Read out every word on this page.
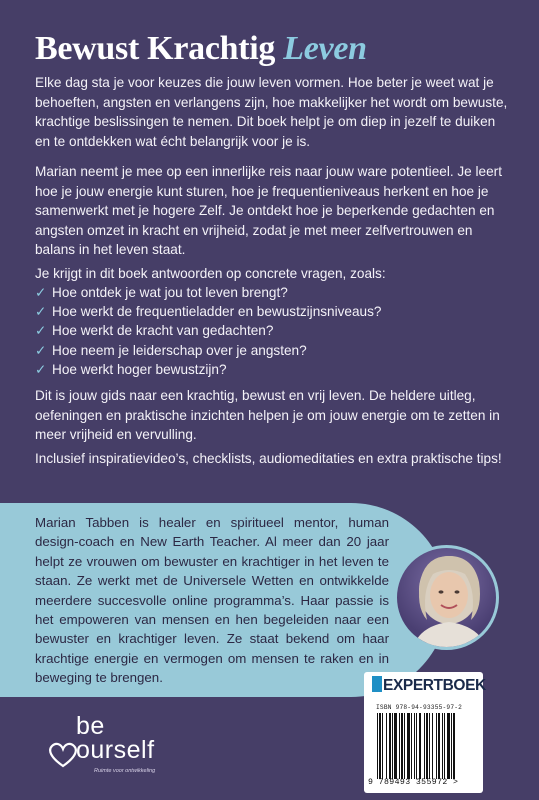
Bewust Krachtig Leven

Elke dag sta je voor keuzes die jouw leven vormen. Hoe beter je weet wat je behoeften, angsten en verlangens zijn, hoe makkelijker het wordt om bewuste, krachtige beslissingen te nemen. Dit boek helpt je om diep in jezelf te duiken en te ontdekken wat écht belangrijk voor je is.

Marian neemt je mee op een innerlijke reis naar jouw ware potentieel. Je leert hoe je jouw energie kunt sturen, hoe je frequentieniveaus herkent en hoe je samenwerkt met je hogere Zelf. Je ontdekt hoe je beperkende gedachten en angsten omzet in kracht en vrijheid, zodat je met meer zelfvertrouwen en balans in het leven staat.

Je krijgt in dit boek antwoorden op concrete vragen, zoals:

✓ Hoe ontdek je wat jou tot leven brengt?
✓ Hoe werkt de frequentieladder en bewustzijnsniveaus?
✓ Hoe werkt de kracht van gedachten?
✓ Hoe neem je leiderschap over je angsten?
✓ Hoe werkt hoger bewustzijn?

Dit is jouw gids naar een krachtig, bewust en vrij leven. De heldere uitleg, oefeningen en praktische inzichten helpen je om jouw energie om te zetten in meer vrijheid en vervulling.

Inclusief inspiratievideo’s, checklists, audiomeditaties en extra praktische tips!

Marian Tabben is healer en spiritueel mentor, human design-coach en New Earth Teacher. Al meer dan 20 jaar helpt ze vrouwen om bewuster en krachtiger in het leven te staan. Ze werkt met de Universele Wetten en ontwikkelde meerdere succesvolle online programma’s. Haar passie is het empoweren van mensen en hen begeleiden naar een bewuster en krachtiger leven. Ze staat bekend om haar krachtige energie en vermogen om mensen te raken en in beweging te brengen.

be
ourself
Ruimte voor ontwikkeling
EXPERTBOEK
ISBN 978-94-93355-97-2
9 789493 355972 >
